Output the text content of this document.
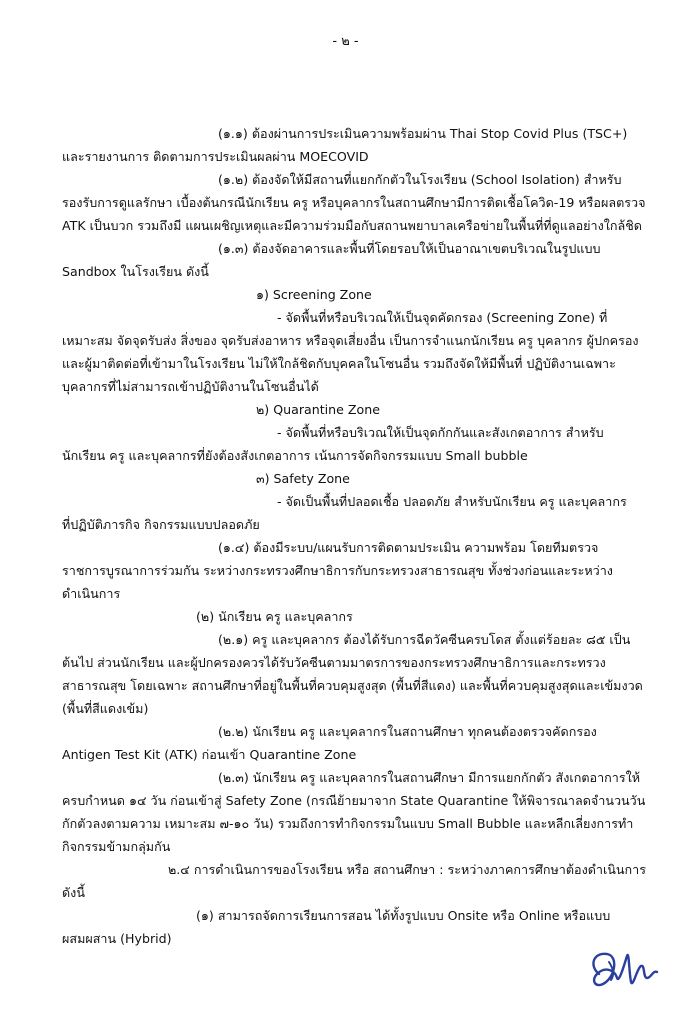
- ๒ -
(๑.๑) ต้องผ่านการประเมินความพร้อมผ่าน Thai Stop Covid Plus (TSC+)
และรายงานการ ติดตามการประเมินผลผ่าน MOECOVID
(๑.๒) ต้องจัดให้มีสถานที่แยกกักตัวในโรงเรียน (School Isolation) สำหรับ
รองรับการดูแลรักษา เบื้องต้นกรณีนักเรียน ครู หรือบุคลากรในสถานศึกษามีการติดเชื้อโควิด-19 หรือผลตรวจ
ATK เป็นบวก รวมถึงมี แผนเผชิญเหตุและมีความร่วมมือกับสถานพยาบาลเครือข่ายในพื้นที่ที่ดูแลอย่างใกล้ชิด
(๑.๓) ต้องจัดอาคารและพื้นที่โดยรอบให้เป็นอาณาเขตบริเวณในรูปแบบ
Sandbox ในโรงเรียน ดังนี้
๑) Screening Zone
- จัดพื้นที่หรือบริเวณให้เป็นจุดคัดกรอง (Screening Zone) ที่
เหมาะสม จัดจุดรับส่ง สิ่งของ จุดรับส่งอาหาร หรือจุดเสี่ยงอื่น เป็นการจำแนกนักเรียน ครู บุคลากร ผู้ปกครอง
และผู้มาติดต่อที่เข้ามาในโรงเรียน ไม่ให้ใกล้ชิดกับบุคคลในโซนอื่น รวมถึงจัดให้มีพื้นที่ ปฏิบัติงานเฉพาะ
บุคลากรที่ไม่สามารถเข้าปฏิบัติงานในโซนอื่นได้
๒) Quarantine Zone
- จัดพื้นที่หรือบริเวณให้เป็นจุดกักกันและสังเกตอาการ สำหรับ
นักเรียน ครู และบุคลากรที่ยังต้องสังเกตอาการ เน้นการจัดกิจกรรมแบบ Small bubble
๓) Safety Zone
- จัดเป็นพื้นที่ปลอดเชื้อ ปลอดภัย สำหรับนักเรียน ครู และบุคลากร
ที่ปฏิบัติภารกิจ กิจกรรมแบบปลอดภัย
(๑.๔) ต้องมีระบบ/แผนรับการติดตามประเมิน ความพร้อม โดยทีมตรวจ
ราชการบูรณาการร่วมกัน ระหว่างกระทรวงศึกษาธิการกับกระทรวงสาธารณสุข ทั้งช่วงก่อนและระหว่าง
ดำเนินการ
(๒) นักเรียน ครู และบุคลากร
(๒.๑) ครู และบุคลากร ต้องได้รับการฉีดวัคซีนครบโดส ตั้งแต่ร้อยละ ๘๕ เป็น
ต้นไป ส่วนนักเรียน และผู้ปกครองควรได้รับวัคซีนตามมาตรการของกระทรวงศึกษาธิการและกระทรวง
สาธารณสุข โดยเฉพาะ สถานศึกษาที่อยู่ในพื้นที่ควบคุมสูงสุด (พื้นที่สีแดง) และพื้นที่ควบคุมสูงสุดและเข้มงวด
(พื้นที่สีแดงเข้ม)
(๒.๒) นักเรียน ครู และบุคลากรในสถานศึกษา ทุกคนต้องตรวจคัดกรอง
Antigen Test Kit (ATK) ก่อนเข้า Quarantine Zone
(๒.๓) นักเรียน ครู และบุคลากรในสถานศึกษา มีการแยกกักตัว สังเกตอาการให้
ครบกำหนด ๑๔ วัน ก่อนเข้าสู่ Safety Zone (กรณีย้ายมาจาก State Quarantine ให้พิจารณาลดจำนวนวัน
กักตัวลงตามความ เหมาะสม ๗-๑๐ วัน) รวมถึงการทำกิจกรรมในแบบ Small Bubble และหลีกเลี่ยงการทำ
กิจกรรมข้ามกลุ่มกัน
๒.๔ การดำเนินการของโรงเรียน หรือ สถานศึกษา : ระหว่างภาคการศึกษาต้องดำเนินการ
ดังนี้
(๑) สามารถจัดการเรียนการสอน ได้ทั้งรูปแบบ Onsite หรือ Online หรือแบบ
ผสมผสาน (Hybrid)
